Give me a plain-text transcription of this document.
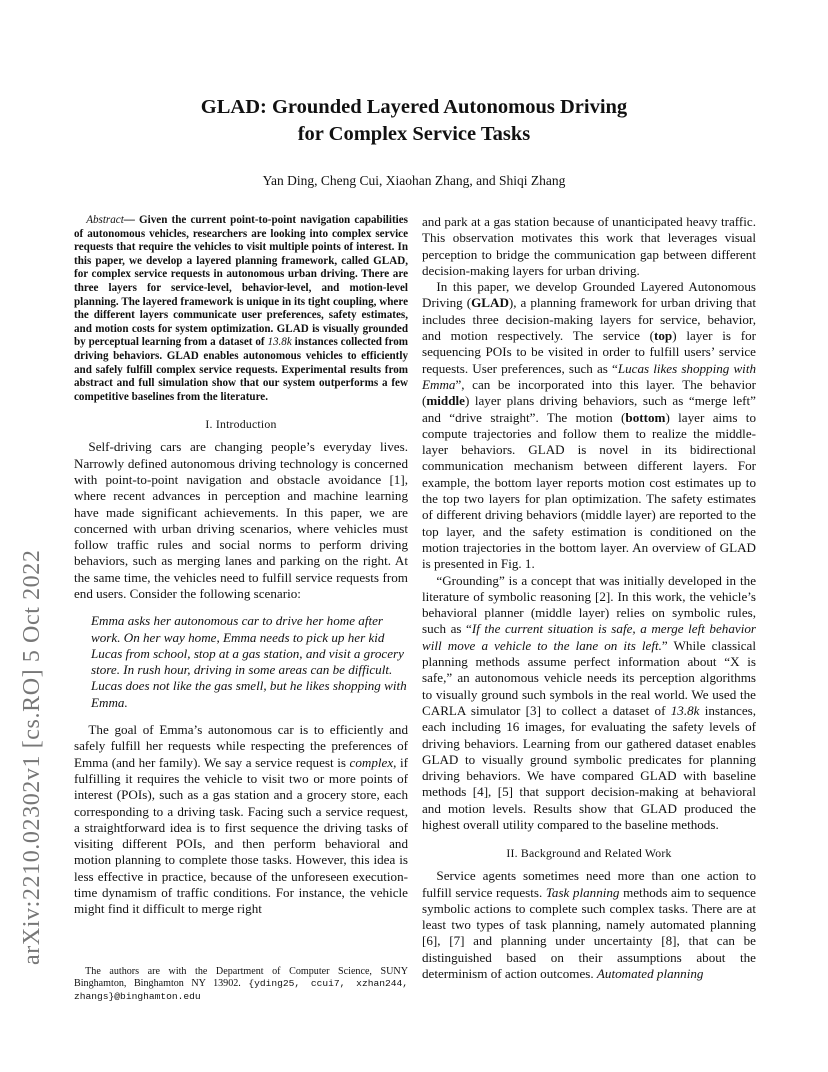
GLAD: Grounded Layered Autonomous Driving
for Complex Service Tasks
Yan Ding, Cheng Cui, Xiaohan Zhang, and Shiqi Zhang
arXiv:2210.02302v1 [cs.RO] 5 Oct 2022

Abstract— Given the current point-to-point navigation capabilities of autonomous vehicles, researchers are looking into complex service requests that require the vehicles to visit multiple points of interest. In this paper, we develop a layered planning framework, called GLAD, for complex service requests in autonomous urban driving. There are three layers for service-level, behavior-level, and motion-level planning. The layered framework is unique in its tight coupling, where the different layers communicate user preferences, safety estimates, and motion costs for system optimization. GLAD is visually grounded by perceptual learning from a dataset of 13.8k instances collected from driving behaviors. GLAD enables autonomous vehicles to efficiently and safely fulfill complex service requests. Experimental results from abstract and full simulation show that our system outperforms a few competitive baselines from the literature.

I. Introduction

Self-driving cars are changing people’s everyday lives. Narrowly defined autonomous driving technology is concerned with point-to-point navigation and obstacle avoidance [1], where recent advances in perception and machine learning have made significant achievements. In this paper, we are concerned with urban driving scenarios, where vehicles must follow traffic rules and social norms to perform driving behaviors, such as merging lanes and parking on the right. At the same time, the vehicles need to fulfill service requests from end users. Consider the following scenario:

Emma asks her autonomous car to drive her home after work. On her way home, Emma needs to pick up her kid Lucas from school, stop at a gas station, and visit a grocery store. In rush hour, driving in some areas can be difficult. Lucas does not like the gas smell, but he likes shopping with Emma.

The goal of Emma’s autonomous car is to efficiently and safely fulfill her requests while respecting the preferences of Emma (and her family). We say a service request is complex, if fulfilling it requires the vehicle to visit two or more points of interest (POIs), such as a gas station and a grocery store, each corresponding to a driving task. Facing such a service request, a straightforward idea is to first sequence the driving tasks of visiting different POIs, and then perform behavioral and motion planning to complete those tasks. However, this idea is less effective in practice, because of the unforeseen execution-time dynamism of traffic conditions. For instance, the vehicle might find it difficult to merge right

The authors are with the Department of Computer Science, SUNY Binghamton, Binghamton NY 13902. {yding25, ccui7, xzhan244, zhangs}@binghamton.edu

and park at a gas station because of unanticipated heavy traffic. This observation motivates this work that leverages visual perception to bridge the communication gap between different decision-making layers for urban driving.

In this paper, we develop Grounded Layered Autonomous Driving (GLAD), a planning framework for urban driving that includes three decision-making layers for service, behavior, and motion respectively. The service (top) layer is for sequencing POIs to be visited in order to fulfill users’ service requests. User preferences, such as “Lucas likes shopping with Emma”, can be incorporated into this layer. The behavior (middle) layer plans driving behaviors, such as “merge left” and “drive straight”. The motion (bottom) layer aims to compute trajectories and follow them to realize the middle-layer behaviors. GLAD is novel in its bidirectional communication mechanism between different layers. For example, the bottom layer reports motion cost estimates up to the top two layers for plan optimization. The safety estimates of different driving behaviors (middle layer) are reported to the top layer, and the safety estimation is conditioned on the motion trajectories in the bottom layer. An overview of GLAD is presented in Fig. 1.

“Grounding” is a concept that was initially developed in the literature of symbolic reasoning [2]. In this work, the vehicle’s behavioral planner (middle layer) relies on symbolic rules, such as “If the current situation is safe, a merge left behavior will move a vehicle to the lane on its left.” While classical planning methods assume perfect information about “X is safe,” an autonomous vehicle needs its perception algorithms to visually ground such symbols in the real world. We used the CARLA simulator [3] to collect a dataset of 13.8k instances, each including 16 images, for evaluating the safety levels of driving behaviors. Learning from our gathered dataset enables GLAD to visually ground symbolic predicates for planning driving behaviors. We have compared GLAD with baseline methods [4], [5] that support decision-making at behavioral and motion levels. Results show that GLAD produced the highest overall utility compared to the baseline methods.

II. Background and Related Work

Service agents sometimes need more than one action to fulfill service requests. Task planning methods aim to sequence symbolic actions to complete such complex tasks. There are at least two types of task planning, namely automated planning [6], [7] and planning under uncertainty [8], that can be distinguished based on their assumptions about the determinism of action outcomes. Automated planning
